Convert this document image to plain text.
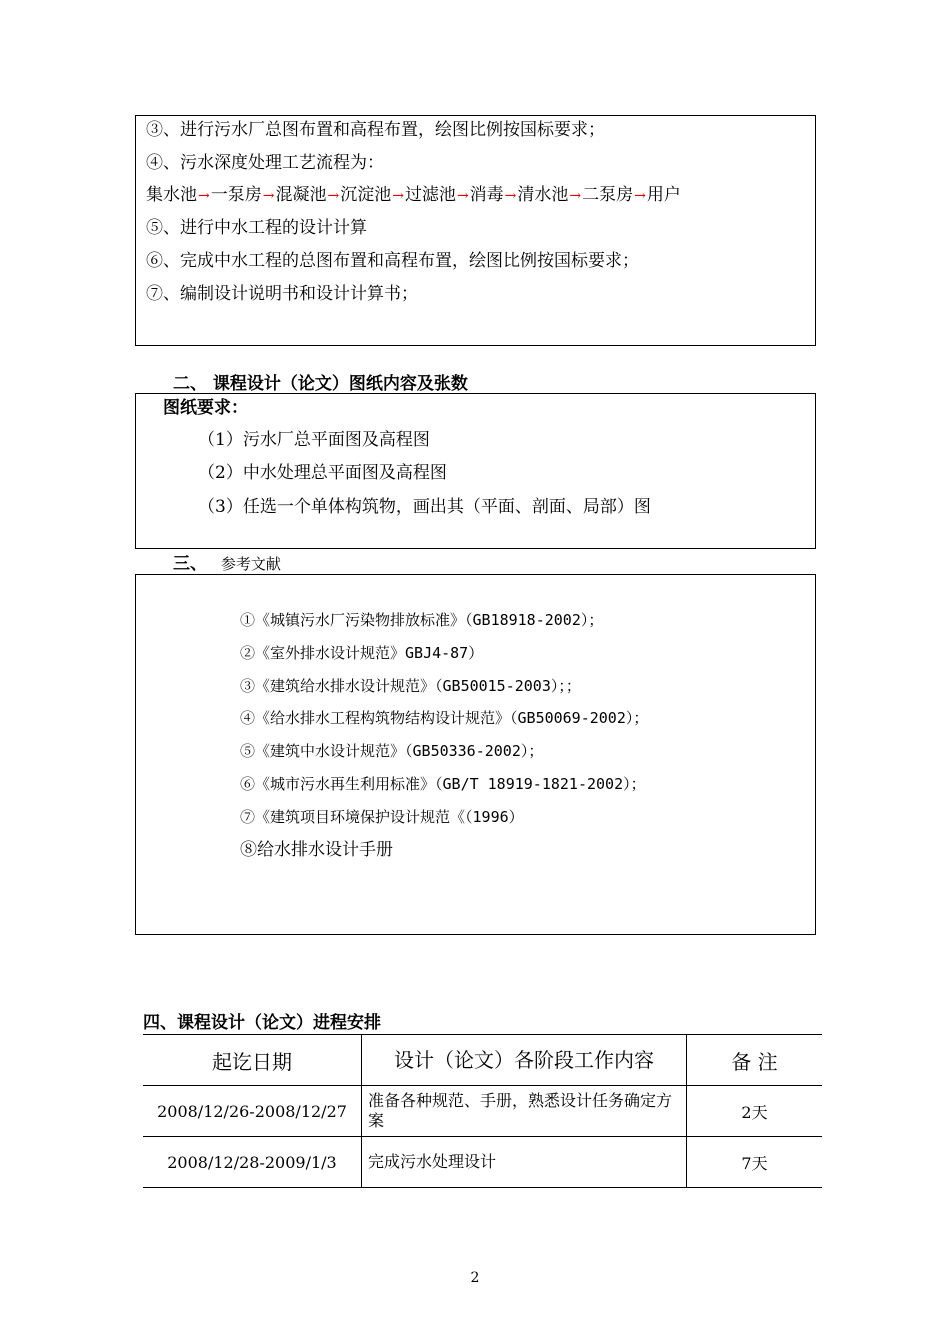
③、进行污水厂总图布置和高程布置，绘图比例按国标要求；
④、污水深度处理工艺流程为：
集水池→一泵房→混凝池→沉淀池→过滤池→消毒→清水池→二泵房→用户
⑤、进行中水工程的设计计算
⑥、完成中水工程的总图布置和高程布置，绘图比例按国标要求；
⑦、编制设计说明书和设计计算书；
二、 课程设计（论文）图纸内容及张数
图纸要求：
（1）污水厂总平面图及高程图
（2）中水处理总平面图及高程图
（3）任选一个单体构筑物，画出其（平面、剖面、局部）图
三、 参考文献
①《城镇污水厂污染物排放标准》（GB18918-2002）；
②《室外排水设计规范》GBJ4-87）
③《建筑给水排水设计规范》（GB50015-2003）；；
④《给水排水工程构筑物结构设计规范》（GB50069-2002）；
⑤《建筑中水设计规范》（GB50336-2002）；
⑥《城市污水再生利用标准》（GB/T 18919-1821-2002）；
⑦《建筑项目环境保护设计规范《（1996）
⑧给水排水设计手册
四、课程设计（论文）进程安排
起讫日期	设计（论文）各阶段工作内容	备 注
2008/12/26-2008/12/27	准备各种规范、手册，熟悉设计任务确定方案	2天
2008/12/28-2009/1/3	完成污水处理设计	7天
2
